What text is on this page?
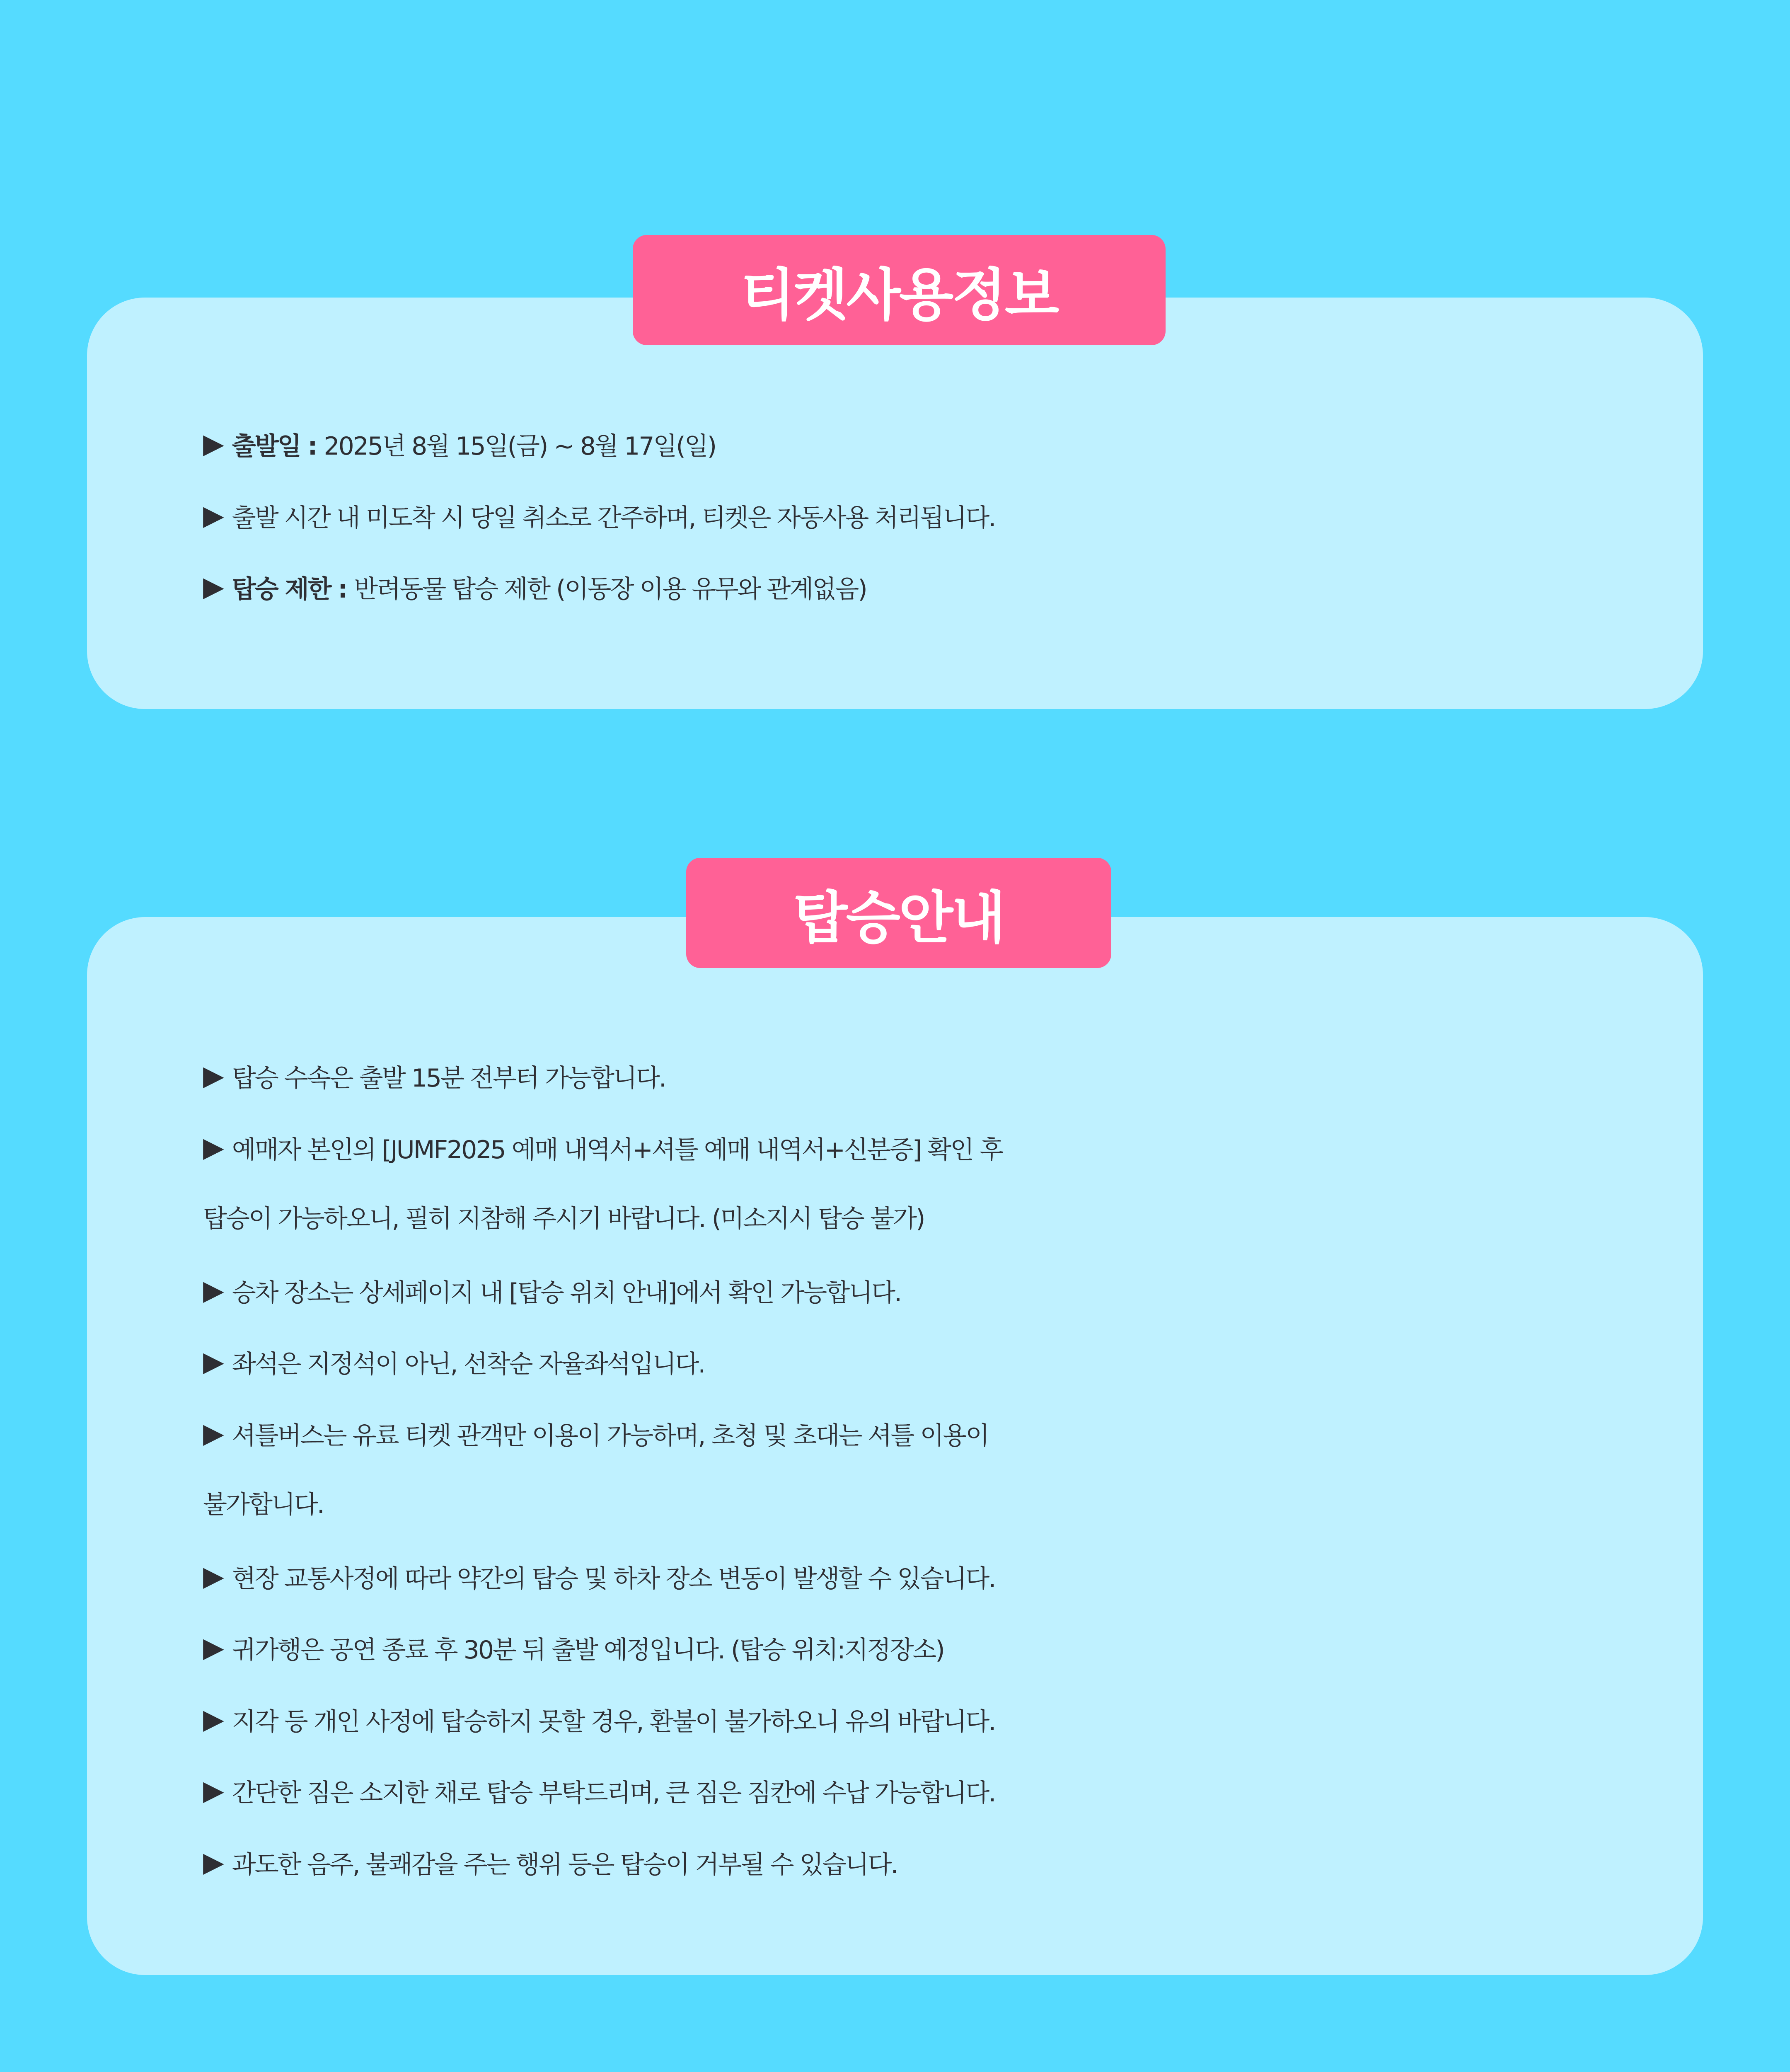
티켓사용정보
▶ 출발일 : 2025년 8월 15일(금) ~ 8월 17일(일)
▶ 출발 시간 내 미도착 시 당일 취소로 간주하며, 티켓은 자동사용 처리됩니다.
▶ 탑승 제한 : 반려동물 탑승 제한 (이동장 이용 유무와 관계없음)
탑승안내
▶ 탑승 수속은 출발 15분 전부터 가능합니다.
▶ 예매자 본인의 [JUMF2025 예매 내역서+셔틀 예매 내역서+신분증] 확인 후
탑승이 가능하오니, 필히 지참해 주시기 바랍니다. (미소지시 탑승 불가)
▶ 승차 장소는 상세페이지 내 [탑승 위치 안내]에서 확인 가능합니다.
▶ 좌석은 지정석이 아닌, 선착순 자율좌석입니다.
▶ 셔틀버스는 유료 티켓 관객만 이용이 가능하며, 초청 및 초대는 셔틀 이용이
불가합니다.
▶ 현장 교통사정에 따라 약간의 탑승 및 하차 장소 변동이 발생할 수 있습니다.
▶ 귀가행은 공연 종료 후 30분 뒤 출발 예정입니다. (탑승 위치:지정장소)
▶ 지각 등 개인 사정에 탑승하지 못할 경우, 환불이 불가하오니 유의 바랍니다.
▶ 간단한 짐은 소지한 채로 탑승 부탁드리며, 큰 짐은 짐칸에 수납 가능합니다.
▶ 과도한 음주, 불쾌감을 주는 행위 등은 탑승이 거부될 수 있습니다.
